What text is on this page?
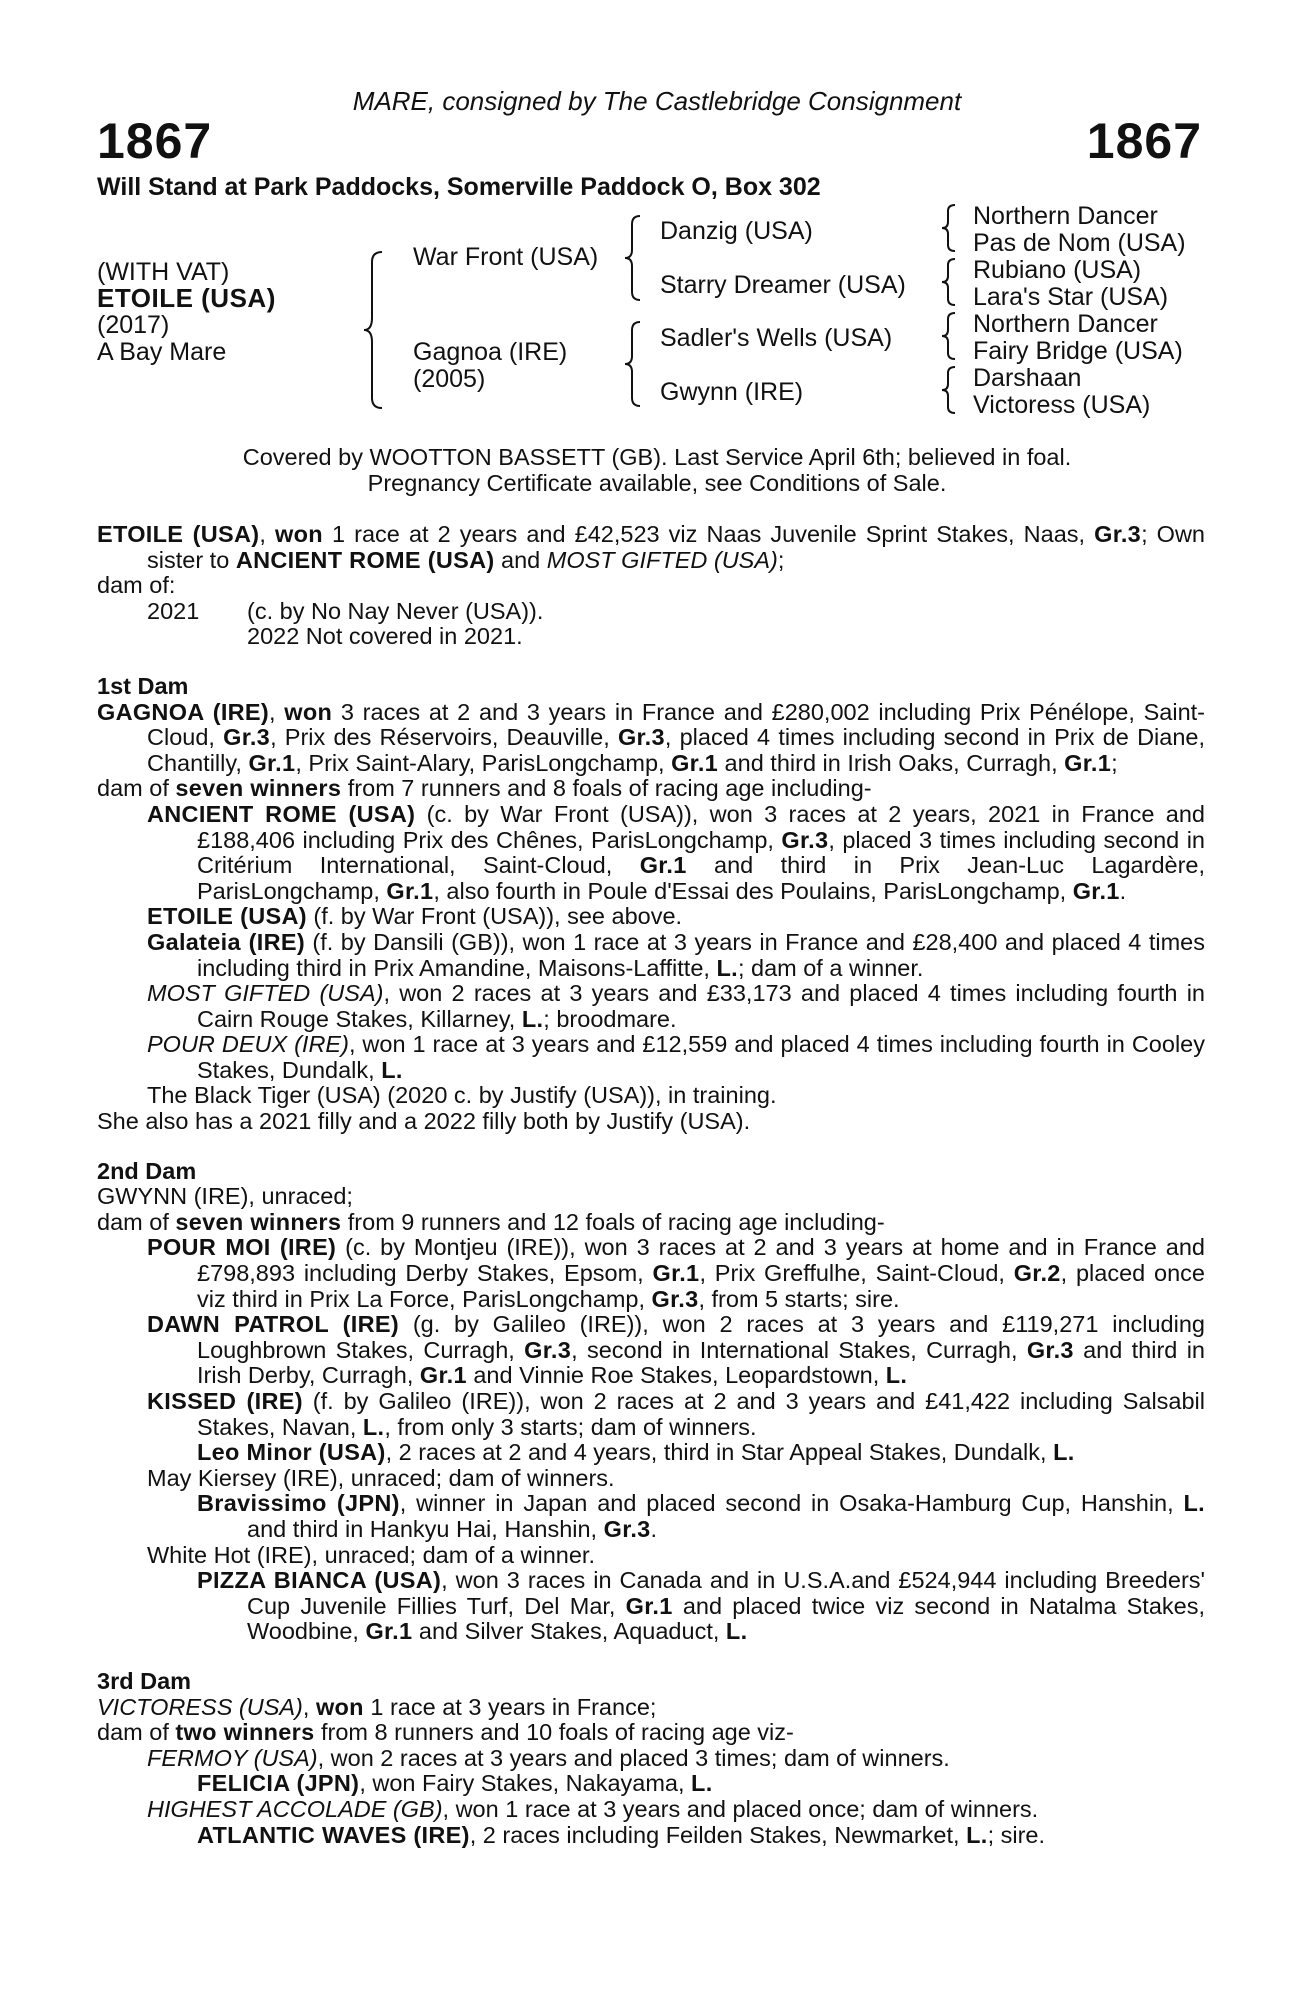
MARE, consigned by The Castlebridge Consignment
1867	1867
Will Stand at Park Paddocks, Somerville Paddock O, Box 302
(WITH VAT)
ETOILE (USA)
(2017)
A Bay Mare
War Front (USA)
Gagnoa (IRE)
(2005)
Danzig (USA)
Starry Dreamer (USA)
Sadler's Wells (USA)
Gwynn (IRE)
Northern Dancer
Pas de Nom (USA)
Rubiano (USA)
Lara's Star (USA)
Northern Dancer
Fairy Bridge (USA)
Darshaan
Victoress (USA)
Covered by WOOTTON BASSETT (GB). Last Service April 6th; believed in foal.
Pregnancy Certificate available, see Conditions of Sale.

ETOILE (USA), won 1 race at 2 years and £42,523 viz Naas Juvenile Sprint Stakes, Naas, Gr.3; Own sister to ANCIENT ROME (USA) and MOST GIFTED (USA);

dam of:

2021	(c. by No Nay Never (USA)).
2022 Not covered in 2021.

1st Dam

GAGNOA (IRE), won 3 races at 2 and 3 years in France and £280,002 including Prix Pénélope, Saint-Cloud, Gr.3, Prix des Réservoirs, Deauville, Gr.3, placed 4 times including second in Prix de Diane, Chantilly, Gr.1, Prix Saint-Alary, ParisLongchamp, Gr.1 and third in Irish Oaks, Curragh, Gr.1;

dam of seven winners from 7 runners and 8 foals of racing age including-

ANCIENT ROME (USA) (c. by War Front (USA)), won 3 races at 2 years, 2021 in France and £188,406 including Prix des Chênes, ParisLongchamp, Gr.3, placed 3 times including second in Critérium International, Saint-Cloud, Gr.1 and third in Prix Jean-Luc Lagardère, ParisLongchamp, Gr.1, also fourth in Poule d'Essai des Poulains, ParisLongchamp, Gr.1.

ETOILE (USA) (f. by War Front (USA)), see above.

Galateia (IRE) (f. by Dansili (GB)), won 1 race at 3 years in France and £28,400 and placed 4 times including third in Prix Amandine, Maisons-Laffitte, L.; dam of a winner.

MOST GIFTED (USA), won 2 races at 3 years and £33,173 and placed 4 times including fourth in Cairn Rouge Stakes, Killarney, L.; broodmare.

POUR DEUX (IRE), won 1 race at 3 years and £12,559 and placed 4 times including fourth in Cooley Stakes, Dundalk, L.

The Black Tiger (USA) (2020 c. by Justify (USA)), in training.

She also has a 2021 filly and a 2022 filly both by Justify (USA).

2nd Dam

GWYNN (IRE), unraced;

dam of seven winners from 9 runners and 12 foals of racing age including-

POUR MOI (IRE) (c. by Montjeu (IRE)), won 3 races at 2 and 3 years at home and in France and £798,893 including Derby Stakes, Epsom, Gr.1, Prix Greffulhe, Saint-Cloud, Gr.2, placed once viz third in Prix La Force, ParisLongchamp, Gr.3, from 5 starts; sire.

DAWN PATROL (IRE) (g. by Galileo (IRE)), won 2 races at 3 years and £119,271 including Loughbrown Stakes, Curragh, Gr.3, second in International Stakes, Curragh, Gr.3 and third in Irish Derby, Curragh, Gr.1 and Vinnie Roe Stakes, Leopardstown, L.

KISSED (IRE) (f. by Galileo (IRE)), won 2 races at 2 and 3 years and £41,422 including Salsabil Stakes, Navan, L., from only 3 starts; dam of winners.

Leo Minor (USA), 2 races at 2 and 4 years, third in Star Appeal Stakes, Dundalk, L.

May Kiersey (IRE), unraced; dam of winners.

Bravissimo (JPN), winner in Japan and placed second in Osaka-Hamburg Cup, Hanshin, L. and third in Hankyu Hai, Hanshin, Gr.3.

White Hot (IRE), unraced; dam of a winner.

PIZZA BIANCA (USA), won 3 races in Canada and in U.S.A.and £524,944 including Breeders' Cup Juvenile Fillies Turf, Del Mar, Gr.1 and placed twice viz second in Natalma Stakes, Woodbine, Gr.1 and Silver Stakes, Aquaduct, L.

3rd Dam

VICTORESS (USA), won 1 race at 3 years in France;

dam of two winners from 8 runners and 10 foals of racing age viz-

FERMOY (USA), won 2 races at 3 years and placed 3 times; dam of winners.

FELICIA (JPN), won Fairy Stakes, Nakayama, L.

HIGHEST ACCOLADE (GB), won 1 race at 3 years and placed once; dam of winners.

ATLANTIC WAVES (IRE), 2 races including Feilden Stakes, Newmarket, L.; sire.
